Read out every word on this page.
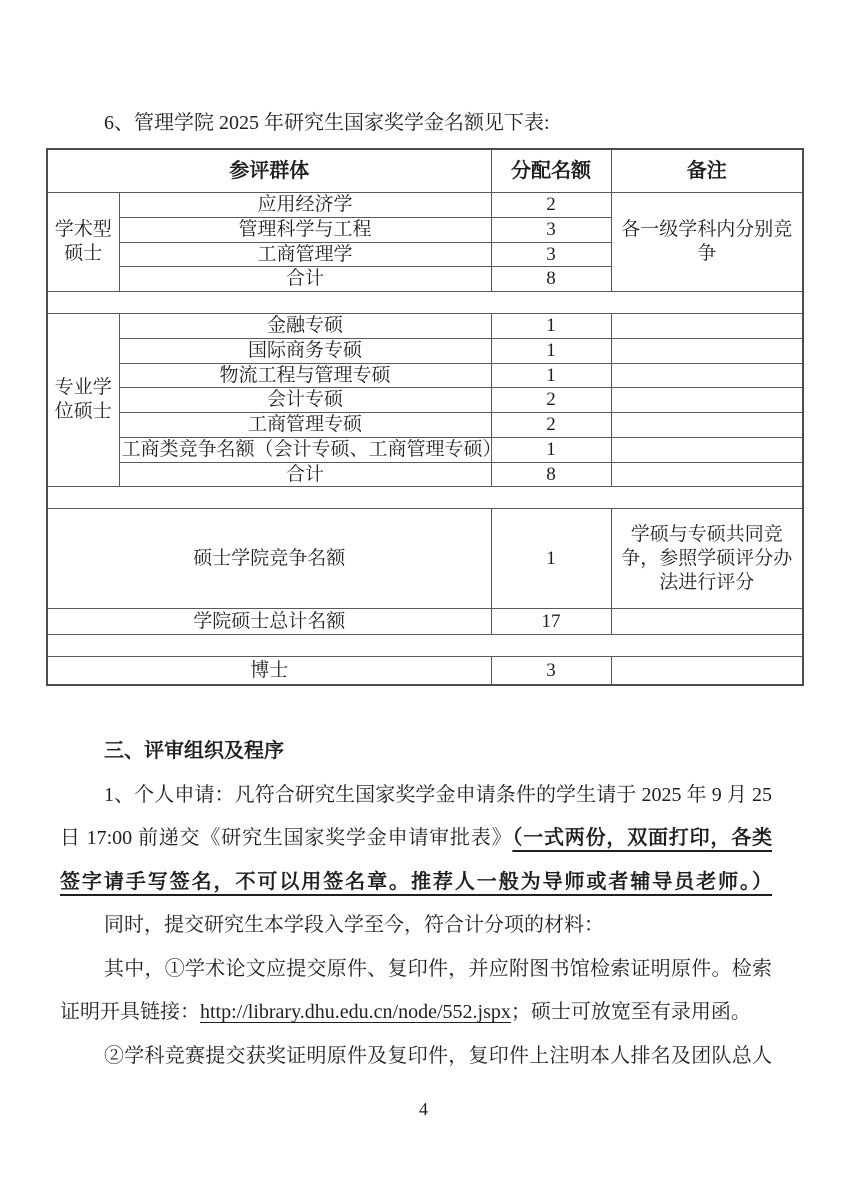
6、管理学院 2025 年研究生国家奖学金名额见下表:

参评群体		分配名额	备注
学术型硕士	应用经济学	2	各一级学科内分别竞争
	管理科学与工程	3	
	工商管理学	3	
	合计	8	

专业学位硕士	金融专硕	1	
	国际商务专硕	1	
	物流工程与管理专硕	1	
	会计专硕	2	
	工商管理专硕	2	
	工商类竞争名额（会计专硕、工商管理专硕）	1	
	合计	8	

硕士学院竞争名额		1	学硕与专硕共同竞争，参照学硕评分办法进行评分
学院硕士总计名额		17	

博士		3	

三、评审组织及程序

1、个人申请：凡符合研究生国家奖学金申请条件的学生请于 2025 年 9 月 25

日 17:00 前递交《研究生国家奖学金申请审批表》（一式两份，双面打印，各类

签字请手写签名，不可以用签名章。推荐人一般为导师或者辅导员老师。）

同时，提交研究生本学段入学至今，符合计分项的材料：

其中，①学术论文应提交原件、复印件，并应附图书馆检索证明原件。检索

证明开具链接：http://library.dhu.edu.cn/node/552.jspx；硕士可放宽至有录用函。

②学科竞赛提交获奖证明原件及复印件，复印件上注明本人排名及团队总人

4
